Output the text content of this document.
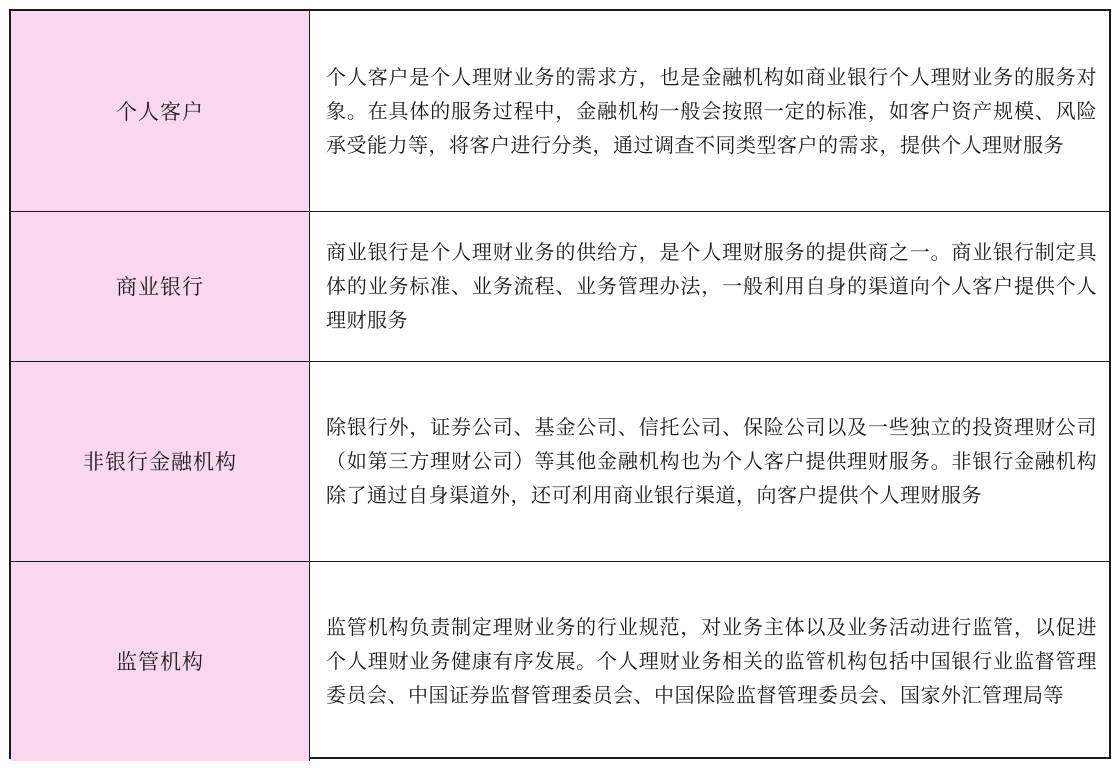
个人客户	个人客户是个人理财业务的需求方，也是金融机构如商业银行个人理财业务的服务对象。在具体的服务过程中，金融机构一般会按照一定的标准，如客户资产规模、风险承受能力等，将客户进行分类，通过调查不同类型客户的需求，提供个人理财服务
商业银行	商业银行是个人理财业务的供给方，是个人理财服务的提供商之一。商业银行制定具体的业务标准、业务流程、业务管理办法，一般利用自身的渠道向个人客户提供个人理财服务
非银行金融机构	除银行外，证券公司、基金公司、信托公司、保险公司以及一些独立的投资理财公司（如第三方理财公司）等其他金融机构也为个人客户提供理财服务。非银行金融机构除了通过自身渠道外，还可利用商业银行渠道，向客户提供个人理财服务
监管机构	监管机构负责制定理财业务的行业规范，对业务主体以及业务活动进行监管，以促进个人理财业务健康有序发展。个人理财业务相关的监管机构包括中国银行业监督管理委员会、中国证券监督管理委员会、中国保险监督管理委员会、国家外汇管理局等
